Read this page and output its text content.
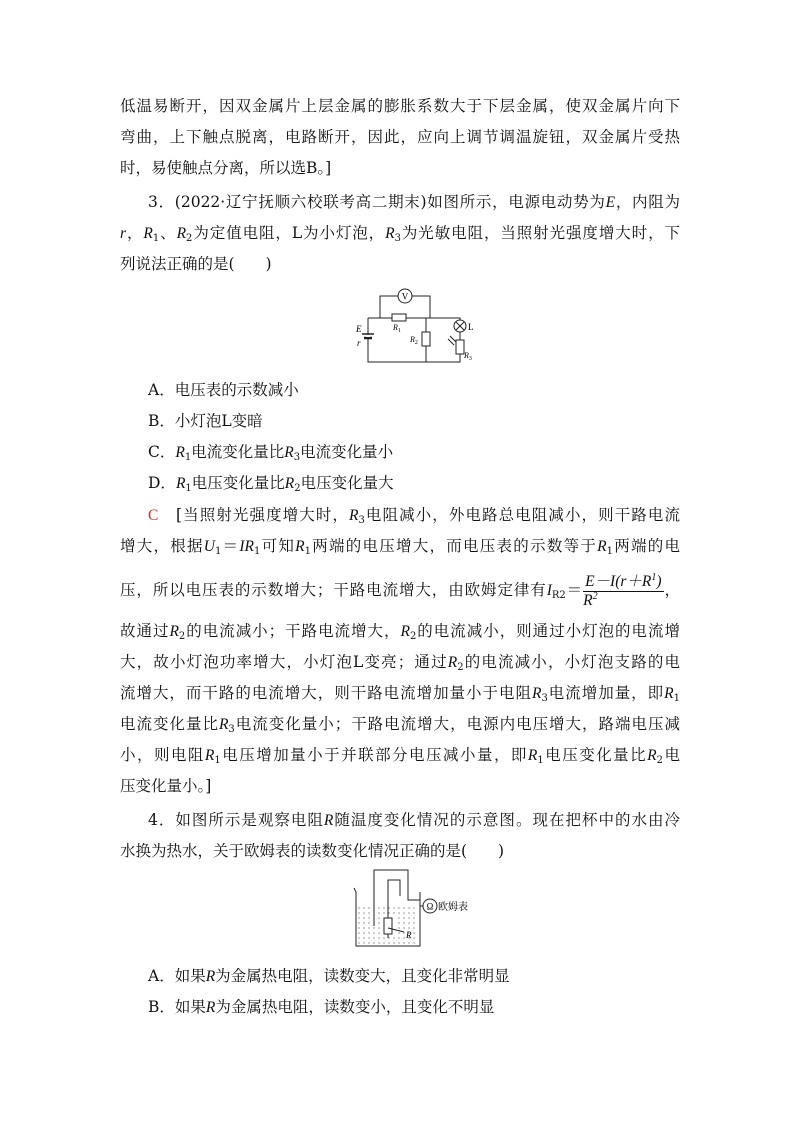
低温易断开，因双金属片上层金属的膨胀系数大于下层金属，使双金属片向下
弯曲，上下触点脱离，电路断开，因此，应向上调节调温旋钮，双金属片受热
时，易使触点分离，所以选B。]
3．(2022·辽宁抚顺六校联考高二期末)如图所示，电源电动势为E，内阻为
r，$R_1$、$R_2$为定值电阻，L为小灯泡，$R_3$为光敏电阻，当照射光强度增大时，下
列说法正确的是(　　)
V
E
r
$R_1$
$R_2$
L
$R_3$
A．电压表的示数减小
B．小灯泡L变暗
C．$R_1$电流变化量比$R_3$电流变化量小
D．$R_1$电压变化量比$R_2$电压变化量大
C　 [当照射光强度增大时，$R_3$电阻减小，外电路总电阻减小，则干路电流
增大，根据$U_1=IR_1$可知$R_1$两端的电压增大，而电压表的示数等于$R_1$两端的电
压，所以电压表的示数增大；干路电流增大，由欧姆定律有$I_{R2}= \frac{E-I(r+R^1)}{R^2}$ ，
故通过$R_2$的电流减小；干路电流增大，$R_2$的电流减小，则通过小灯泡的电流增
大，故小灯泡功率增大，小灯泡L变亮；通过$R_2$的电流减小，小灯泡支路的电
流增大，而干路的电流增大，则干路电流增加量小于电阻$R_3$电流增加量，即$R_1$
电流变化量比$R_3$电流变化量小；干路电流增大，电源内电压增大，路端电压减
小，则电阻$R_1$电压增加量小于并联部分电压减小量，即$R_1$电压变化量比$R_2$电
压变化量小。]
4．如图所示是观察电阻R随温度变化情况的示意图。现在把杯中的水由冷
水换为热水，关于欧姆表的读数变化情况正确的是(　　)
Ω 欧姆表
R
A．如果R为金属热电阻，读数变大，且变化非常明显
B．如果R为金属热电阻，读数变小，且变化不明显
